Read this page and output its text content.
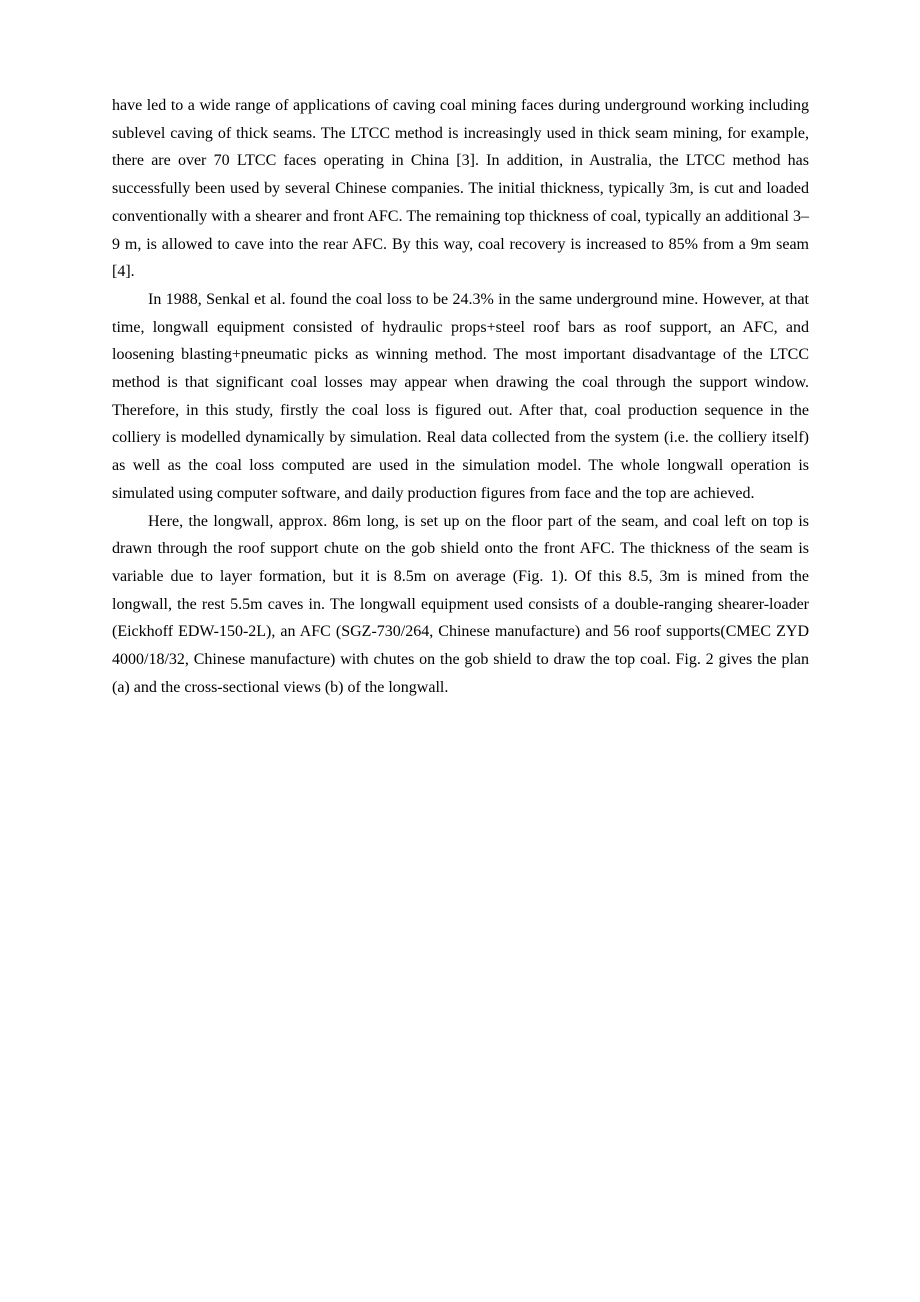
have led to a wide range of applications of caving coal mining faces during underground working including sublevel caving of thick seams. The LTCC method is increasingly used in thick seam mining, for example, there are over 70 LTCC faces operating in China [3]. In addition, in Australia, the LTCC method has successfully been used by several Chinese companies. The initial thickness, typically 3m, is cut and loaded conventionally with a shearer and front AFC. The remaining top thickness of coal, typically an additional 3–9 m, is allowed to cave into the rear AFC. By this way, coal recovery is increased to 85% from a 9m seam [4].

In 1988, Senkal et al. found the coal loss to be 24.3% in the same underground mine. However, at that time, longwall equipment consisted of hydraulic props+steel roof bars as roof support, an AFC, and loosening blasting+pneumatic picks as winning method. The most important disadvantage of the LTCC method is that significant coal losses may appear when drawing the coal through the support window. Therefore, in this study, firstly the coal loss is figured out. After that, coal production sequence in the colliery is modelled dynamically by simulation. Real data collected from the system (i.e. the colliery itself) as well as the coal loss computed are used in the simulation model. The whole longwall operation is simulated using computer software, and daily production figures from face and the top are achieved.

Here, the longwall, approx. 86m long, is set up on the floor part of the seam, and coal left on top is drawn through the roof support chute on the gob shield onto the front AFC. The thickness of the seam is variable due to layer formation, but it is 8.5m on average (Fig. 1). Of this 8.5, 3m is mined from the longwall, the rest 5.5m caves in. The longwall equipment used consists of a double-ranging shearer-loader (Eickhoff EDW-150-2L), an AFC (SGZ-730/264, Chinese manufacture) and 56 roof supports(CMEC ZYD 4000/18/32, Chinese manufacture) with chutes on the gob shield to draw the top coal. Fig. 2 gives the plan (a) and the cross-sectional views (b) of the longwall.
